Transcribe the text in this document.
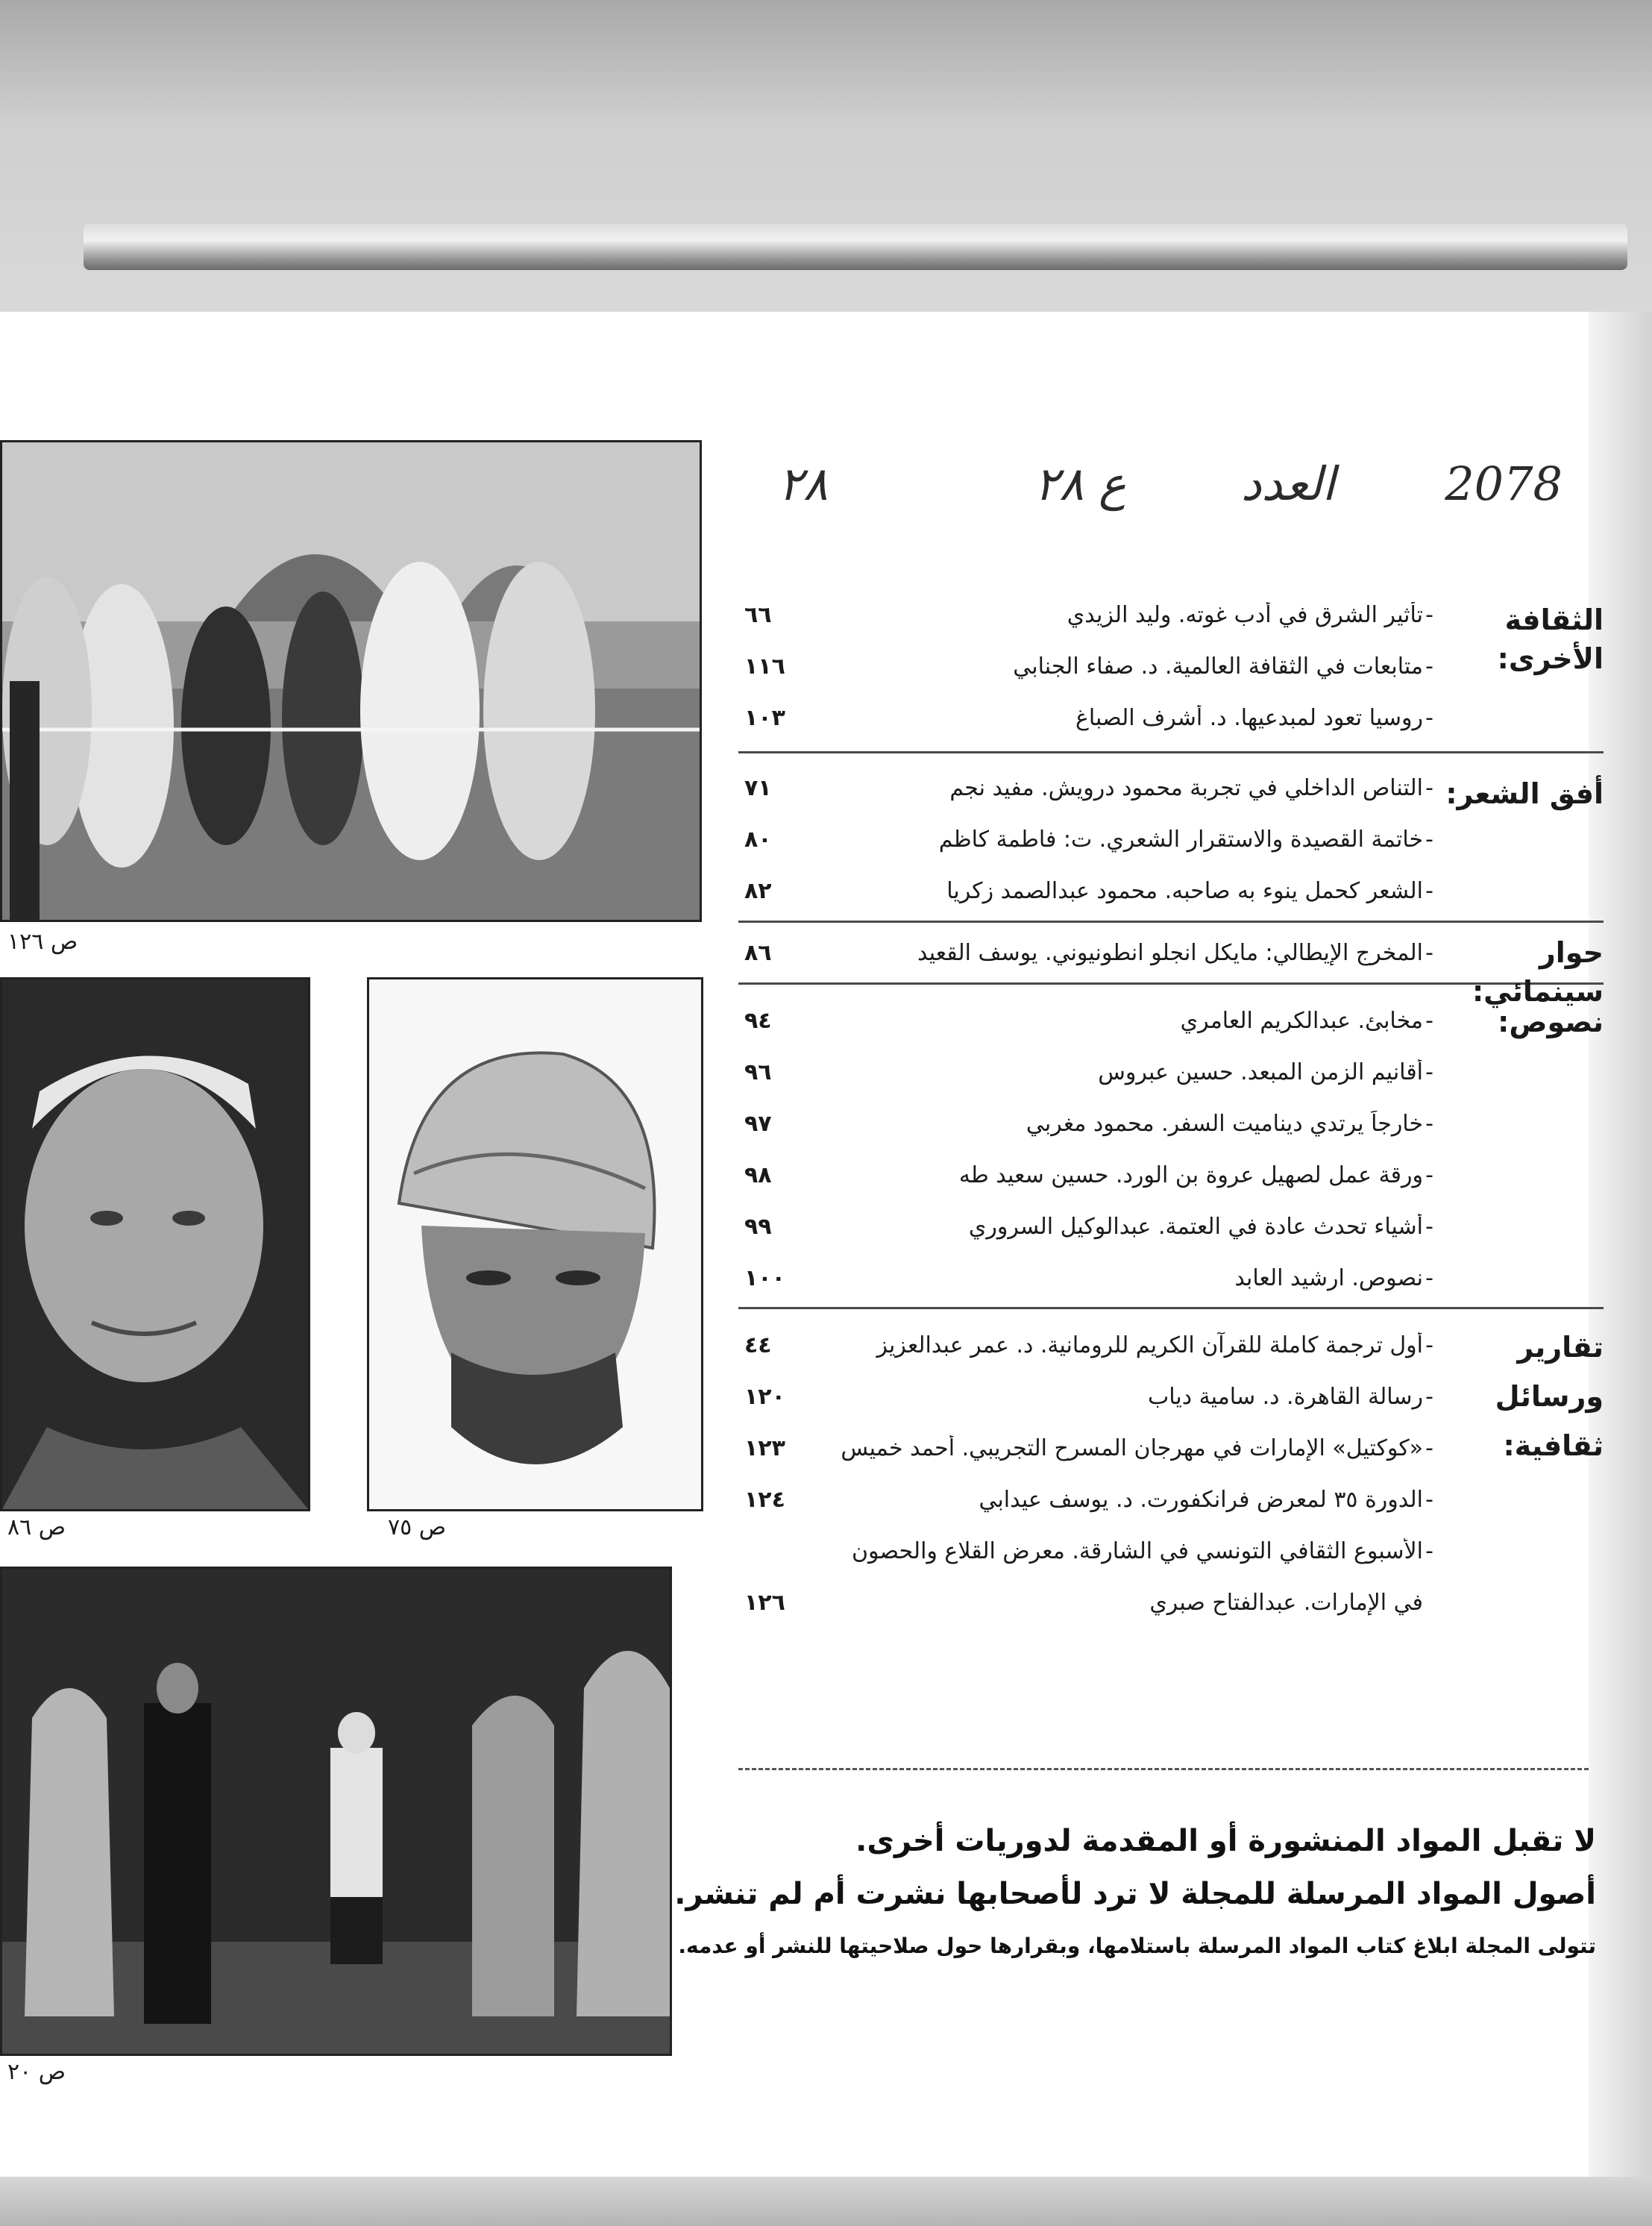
2078
العدد
ع ٢٨
٢٨
الثقافة الأخرى:
-
تأثير الشرق في أدب غوته. وليد الزيدي
٦٦
-
متابعات في الثقافة العالمية. د. صفاء الجنابي
١١٦
-
روسيا تعود لمبدعيها. د. أشرف الصباغ
١٠٣
أفق الشعر:
-
التناص الداخلي في تجربة محمود درويش. مفيد نجم
٧١
-
خاتمة القصيدة والاستقرار الشعري. ت: فاطمة كاظم
٨٠
-
الشعر كحمل ينوء به صاحبه. محمود عبدالصمد زكريا
٨٢
حوار سينمائي:
-
المخرج الإيطالي: مايكل انجلو انطونيوني. يوسف القعيد
٨٦
نصوص:
-
مخابئ. عبدالكريم العامري
٩٤
-
أقانيم الزمن المبعد. حسين عبروس
٩٦
-
خارجاً يرتدي ديناميت السفر. محمود مغربي
٩٧
-
ورقة عمل لصهيل عروة بن الورد. حسين سعيد طه
٩٨
-
أشياء تحدث عادة في العتمة. عبدالوكيل السروري
٩٩
-
نصوص. ارشيد العابد
١٠٠
تقارير ورسائل ثقافية:
-
أول ترجمة كاملة للقرآن الكريم للرومانية. د. عمر عبدالعزيز
٤٤
-
رسالة القاهرة. د. سامية دياب
١٢٠
-
«كوكتيل» الإمارات في مهرجان المسرح التجريبي. أحمد خميس
١٢٣
-
الدورة ٣٥ لمعرض فرانكفورت. د. يوسف عيدابي
١٢٤
-
الأسبوع الثقافي التونسي في الشارقة. معرض القلاع والحصون
في الإمارات. عبدالفتاح صبري
١٢٦
لا تقبل المواد المنشورة أو المقدمة لدوريات أخرى.
أصول المواد المرسلة للمجلة لا ترد لأصحابها نشرت أم لم تنشر.
تتولى المجلة ابلاغ كتاب المواد المرسلة باستلامها، وبقرارها حول صلاحيتها للنشر أو عدمه.
ص ١٢٦
ص ٨٦	ص ٧٥
ص ٢٠
